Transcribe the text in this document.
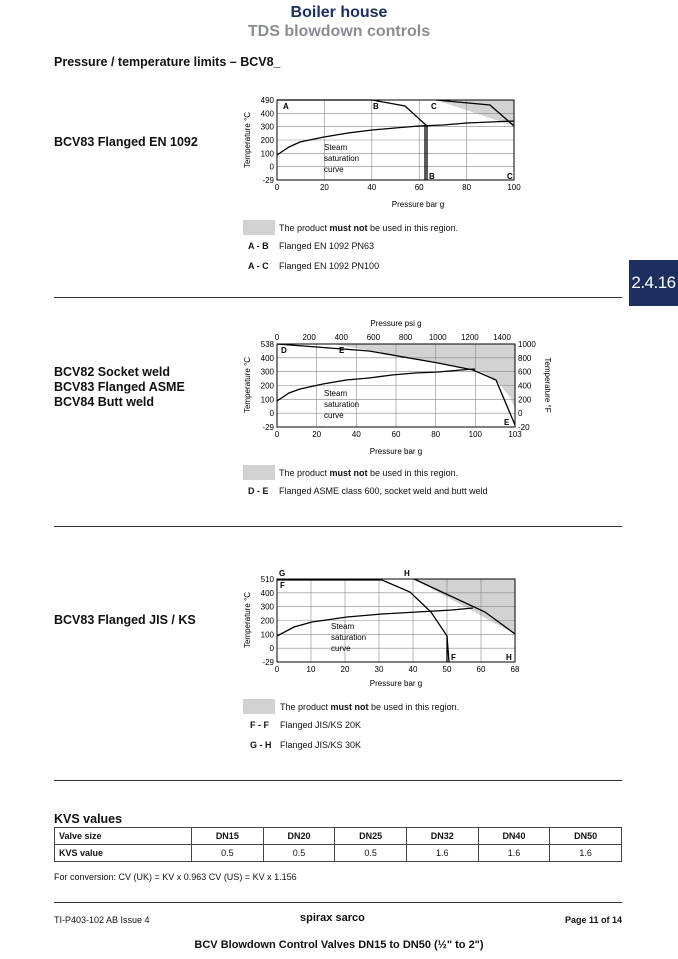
Boiler house
TDS blowdown controls
Pressure / temperature limits – BCV8_
2.4.16
BCV83 Flanged EN 1092
A	B	C
B	C
Steam
saturation
curve
490
400
300
200
100
0
-29
0	20	40	60	80	100
Pressure bar g
Temperature °C
The product must not be used in this region.
A - B Flanged EN 1092 PN63
A - C Flanged EN 1092 PN100
BCV82 Socket weld
BCV83 Flanged ASME
BCV84 Butt weld
D	E
E
Steam
saturation
curve
538
400
300
200
100
0
-29
0	20	40	60	80	100	103
0	200 400 600 800 1000 1200 1400
1000
800
600
400
200
0
-20
Pressure psi g
Pressure bar g
Temperature °C	Temperature °F
The product must not be used in this region.
D - E Flanged ASME class 600, socket weld and butt weld
BCV83 Flanged JIS / KS
G	H
F
F	H
Steam
saturation
curve
510
400
300
200
100
0
-29
0	10	20	30	40	50	60	68
Pressure bar g
Temperature °C
The product must not be used in this region.
F - F Flanged JIS/KS 20K
G - H Flanged JIS/KS 30K
KVS values
Valve size	DN15	DN20	DN25	DN32	DN40	DN50
KVS value	0.5	0.5	0.5	1.6	1.6	1.6
For conversion: CV (UK) = KV x 0.963 CV (US) = KV x 1.156
TI-P403-102 AB Issue 4	spirax sarco	Page 11 of 14
BCV Blowdown Control Valves DN15 to DN50 (½" to 2")
